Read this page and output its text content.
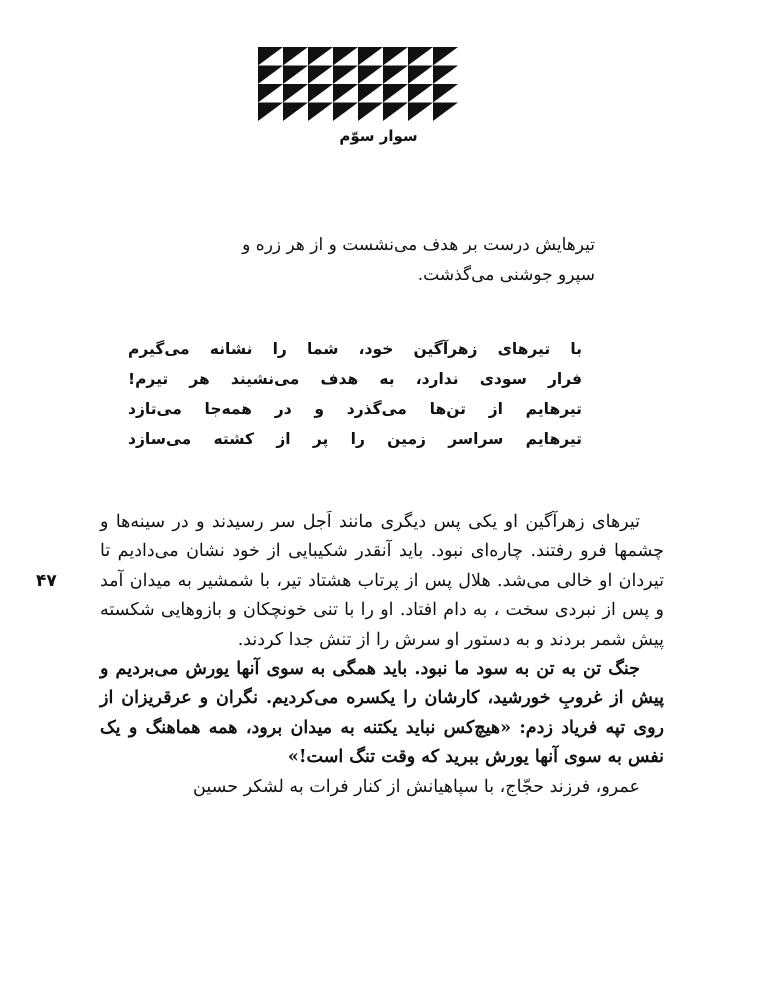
سوار سوّم
تیرهایش درست بر هدف می‌نشست و از هر زره و
سپرو جوشنی می‌گذشت.
با تیرهای زهرآگین خود، شما را نشانه می‌گیرم
فرار سودی ندارد، به هدف می‌نشیند هر تیرم!
تیرهایم از تن‌ها می‌گذرد و در همه‌جا می‌تازد
تیرهایم سراسر زمین را پر از کشته می‌سازد
۴۷

تیرهای زهرآگین او یکی پس دیگری مانند اَجل سر رسیدند و در سینه‌ها و چشمها فرو رفتند. چاره‌ای نبود. باید آنقدر شکیبایی از خود نشان می‌دادیم تا تیردان او خالی می‌شد. هلال پس از پرتاب هشتاد تیر، با شمشیر به میدان آمد و پس از نبردی سخت ، به دام افتاد. او را با تنی خونچکان و بازوهایی شکسته پیش شمر بردند و به دستور او سرش را از تنش جدا کردند.

جنگ تن به تن به سود ما نبود. باید همگی به سوی آنها یورش می‌بردیم و پیش از غروبِ خورشید، کارشان را یکسره می‌کردیم. نگران و عرقریزان از روی تپه فریاد زدم: «هیچ‌کس نباید یکتنه به میدان برود، همه هماهنگ و یک نفس به سوی آنها یورش ببرید که وقت تنگ است!»

عمرو، فرزند حجّاج، با سپاهیانش از کنار فرات به لشکر حسین
